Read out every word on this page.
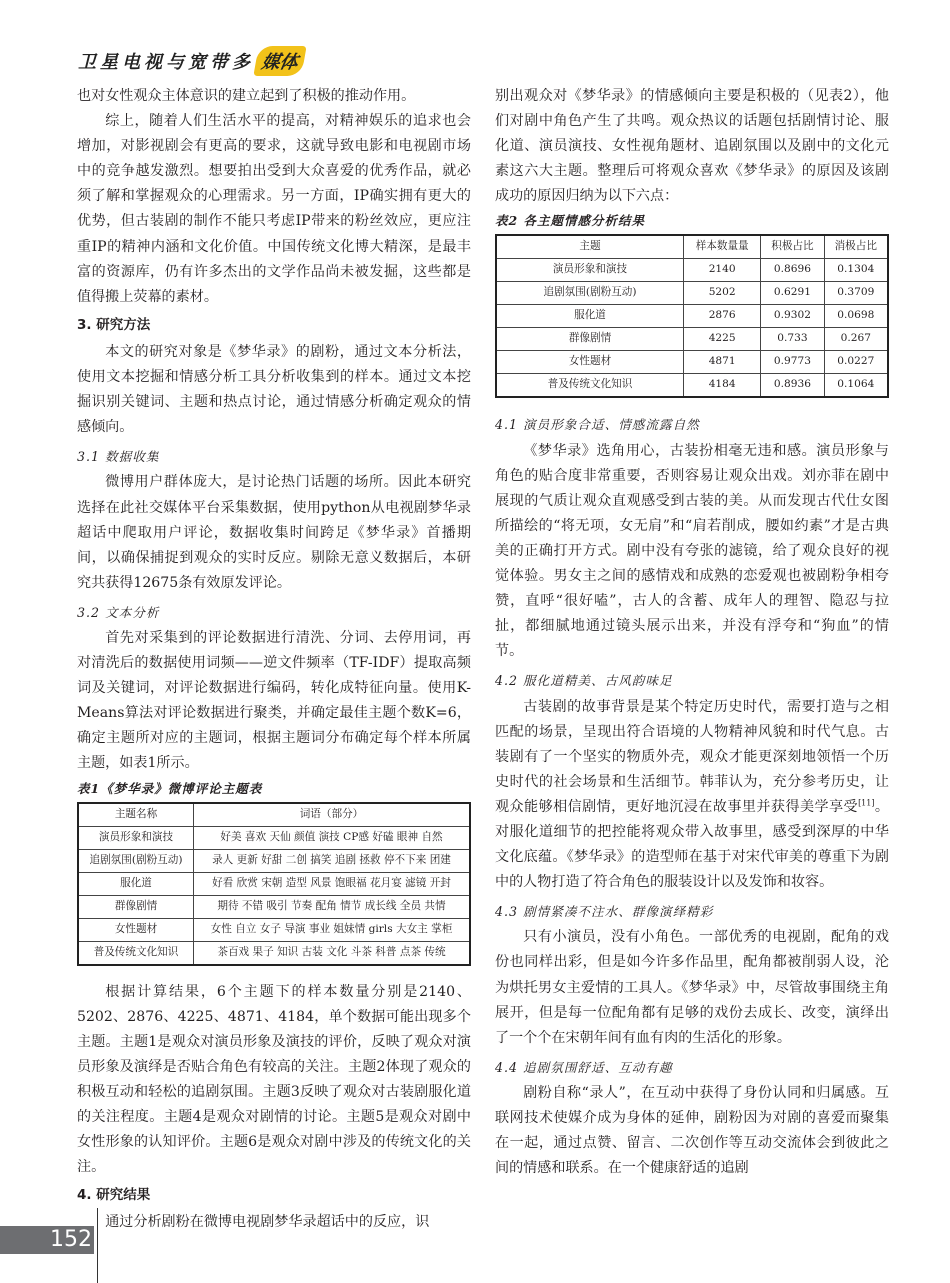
卫星电视与宽带多 媒体

也对女性观众主体意识的建立起到了积极的推动作用。

综上，随着人们生活水平的提高，对精神娱乐的追求也会增加，对影视剧会有更高的要求，这就导致电影和电视剧市场中的竞争越发激烈。想要拍出受到大众喜爱的优秀作品，就必须了解和掌握观众的心理需求。另一方面，IP确实拥有更大的优势，但古装剧的制作不能只考虑IP带来的粉丝效应，更应注重IP的精神内涵和文化价值。中国传统文化博大精深，是最丰富的资源库，仍有许多杰出的文学作品尚未被发掘，这些都是值得搬上荧幕的素材。

3. 研究方法

本文的研究对象是《梦华录》的剧粉，通过文本分析法，使用文本挖掘和情感分析工具分析收集到的样本。通过文本挖掘识别关键词、主题和热点讨论，通过情感分析确定观众的情感倾向。

3.1 数据收集

微博用户群体庞大，是讨论热门话题的场所。因此本研究选择在此社交媒体平台采集数据，使用python从电视剧梦华录超话中爬取用户评论，数据收集时间跨足《梦华录》首播期间，以确保捕捉到观众的实时反应。剔除无意义数据后，本研究共获得12675条有效原发评论。

3.2 文本分析

首先对采集到的评论数据进行清洗、分词、去停用词，再对清洗后的数据使用词频——逆文件频率（TF-IDF）提取高频词及关键词，对评论数据进行编码，转化成特征向量。使用K-Means算法对评论数据进行聚类，并确定最佳主题个数K=6，确定主题所对应的主题词，根据主题词分布确定每个样本所属主题，如表1所示。

表1《梦华录》微博评论主题表
主题名称	词语（部分）
演员形象和演技	好美 喜欢 天仙 颜值 演技 CP感 好磕 眼神 自然
追剧氛围(剧粉互动)	录人 更新 好甜 二创 搞笑 追剧 拯救 停不下来 团建
服化道	好看 欣赏 宋朝 造型 风景 饱眼福 花月宴 滤镜 开封
群像剧情	期待 不错 吸引 节奏 配角 情节 成长线 全员 共情
女性题材	女性 自立 女子 导演 事业 姐妹情 girls 大女主 掌柜
普及传统文化知识	茶百戏 果子 知识 古装 文化 斗茶 科普 点茶 传统

根据计算结果，6个主题下的样本数量分别是2140、5202、2876、4225、4871、4184，单个数据可能出现多个主题。主题1是观众对演员形象及演技的评价，反映了观众对演员形象及演绎是否贴合角色有较高的关注。主题2体现了观众的积极互动和轻松的追剧氛围。主题3反映了观众对古装剧服化道的关注程度。主题4是观众对剧情的讨论。主题5是观众对剧中女性形象的认知评价。主题6是观众对剧中涉及的传统文化的关注。

4. 研究结果

通过分析剧粉在微博电视剧梦华录超话中的反应，识

别出观众对《梦华录》的情感倾向主要是积极的（见表2），他们对剧中角色产生了共鸣。观众热议的话题包括剧情讨论、服化道、演员演技、女性视角题材、追剧氛围以及剧中的文化元素这六大主题。整理后可将观众喜欢《梦华录》的原因及该剧成功的原因归纳为以下六点：

表2 各主题情感分析结果
主题	样本数量量	积极占比	消极占比
演员形象和演技	2140	0.8696	0.1304
追剧氛围(剧粉互动)	5202	0.6291	0.3709
服化道	2876	0.9302	0.0698
群像剧情	4225	0.733	0.267
女性题材	4871	0.9773	0.0227
普及传统文化知识	4184	0.8936	0.1064
4.1 演员形象合适、情感流露自然

《梦华录》选角用心，古装扮相毫无违和感。演员形象与角色的贴合度非常重要，否则容易让观众出戏。刘亦菲在剧中展现的气质让观众直观感受到古装的美。从而发现古代仕女图所描绘的“将无项，女无肩”和“肩若削成，腰如约素”才是古典美的正确打开方式。剧中没有夸张的滤镜，给了观众良好的视觉体验。男女主之间的感情戏和成熟的恋爱观也被剧粉争相夸赞，直呼“很好嗑”，古人的含蓄、成年人的理智、隐忍与拉扯，都细腻地通过镜头展示出来，并没有浮夸和“狗血”的情节。

4.2 服化道精美、古风韵味足

古装剧的故事背景是某个特定历史时代，需要打造与之相匹配的场景，呈现出符合语境的人物精神风貌和时代气息。古装剧有了一个坚实的物质外壳，观众才能更深刻地领悟一个历史时代的社会场景和生活细节。韩菲认为，充分参考历史，让观众能够相信剧情，更好地沉浸在故事里并获得美学享受[11]。对服化道细节的把控能将观众带入故事里，感受到深厚的中华文化底蕴。《梦华录》的造型师在基于对宋代审美的尊重下为剧中的人物打造了符合角色的服装设计以及发饰和妆容。

4.3 剧情紧凑不注水、群像演绎精彩

只有小演员，没有小角色。一部优秀的电视剧，配角的戏份也同样出彩，但是如今许多作品里，配角都被削弱人设，沦为烘托男女主爱情的工具人。《梦华录》中，尽管故事围绕主角展开，但是每一位配角都有足够的戏份去成长、改变，演绎出了一个个在宋朝年间有血有肉的生活化的形象。

4.4 追剧氛围舒适、互动有趣

剧粉自称“录人”，在互动中获得了身份认同和归属感。互联网技术使媒介成为身体的延伸，剧粉因为对剧的喜爱而聚集在一起，通过点赞、留言、二次创作等互动交流体会到彼此之间的情感和联系。在一个健康舒适的追剧

152
